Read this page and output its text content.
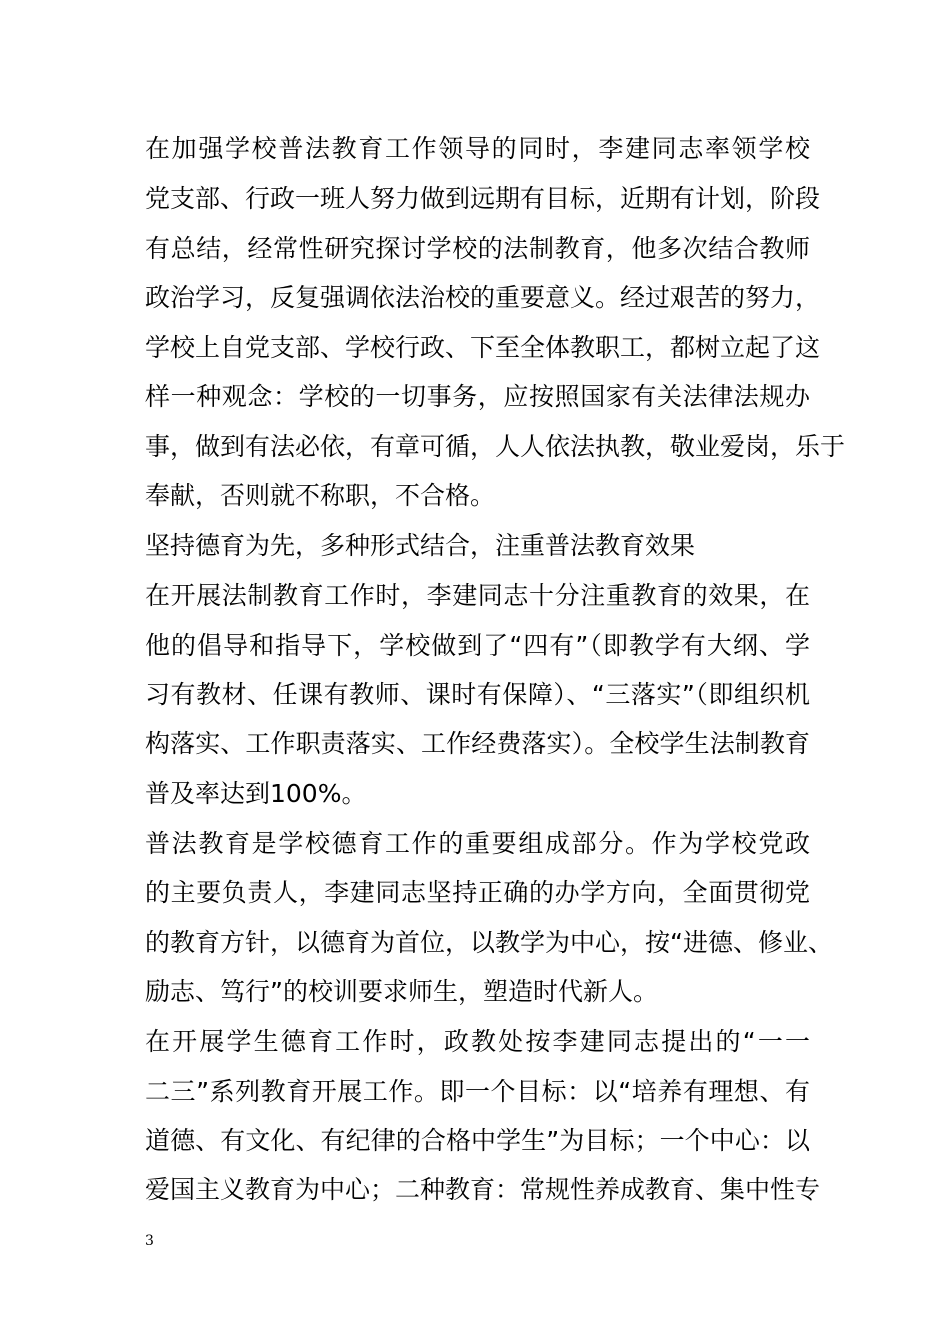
在加强学校普法教育工作领导的同时，李建同志率领学校
党支部、行政一班人努力做到远期有目标，近期有计划，阶段
有总结，经常性研究探讨学校的法制教育，他多次结合教师
政治学习，反复强调依法治校的重要意义。经过艰苦的努力，
学校上自党支部、学校行政、下至全体教职工，都树立起了这
样一种观念：学校的一切事务，应按照国家有关法律法规办
事，做到有法必依，有章可循，人人依法执教，敬业爱岗，乐于
奉献，否则就不称职，不合格。
坚持德育为先，多种形式结合，注重普法教育效果
在开展法制教育工作时，李建同志十分注重教育的效果，在
他的倡导和指导下，学校做到了“四有”（即教学有大纲、学
习有教材、任课有教师、课时有保障）、“三落实”（即组织机
构落实、工作职责落实、工作经费落实）。全校学生法制教育
普及率达到100%。
普法教育是学校德育工作的重要组成部分。作为学校党政
的主要负责人，李建同志坚持正确的办学方向，全面贯彻党
的教育方针，以德育为首位，以教学为中心，按“进德、修业、
励志、笃行”的校训要求师生，塑造时代新人。
在开展学生德育工作时，政教处按李建同志提出的“一一
二三”系列教育开展工作。即一个目标：以“培养有理想、有
道德、有文化、有纪律的合格中学生”为目标；一个中心：以
爱国主义教育为中心；二种教育：常规性养成教育、集中性专
3
